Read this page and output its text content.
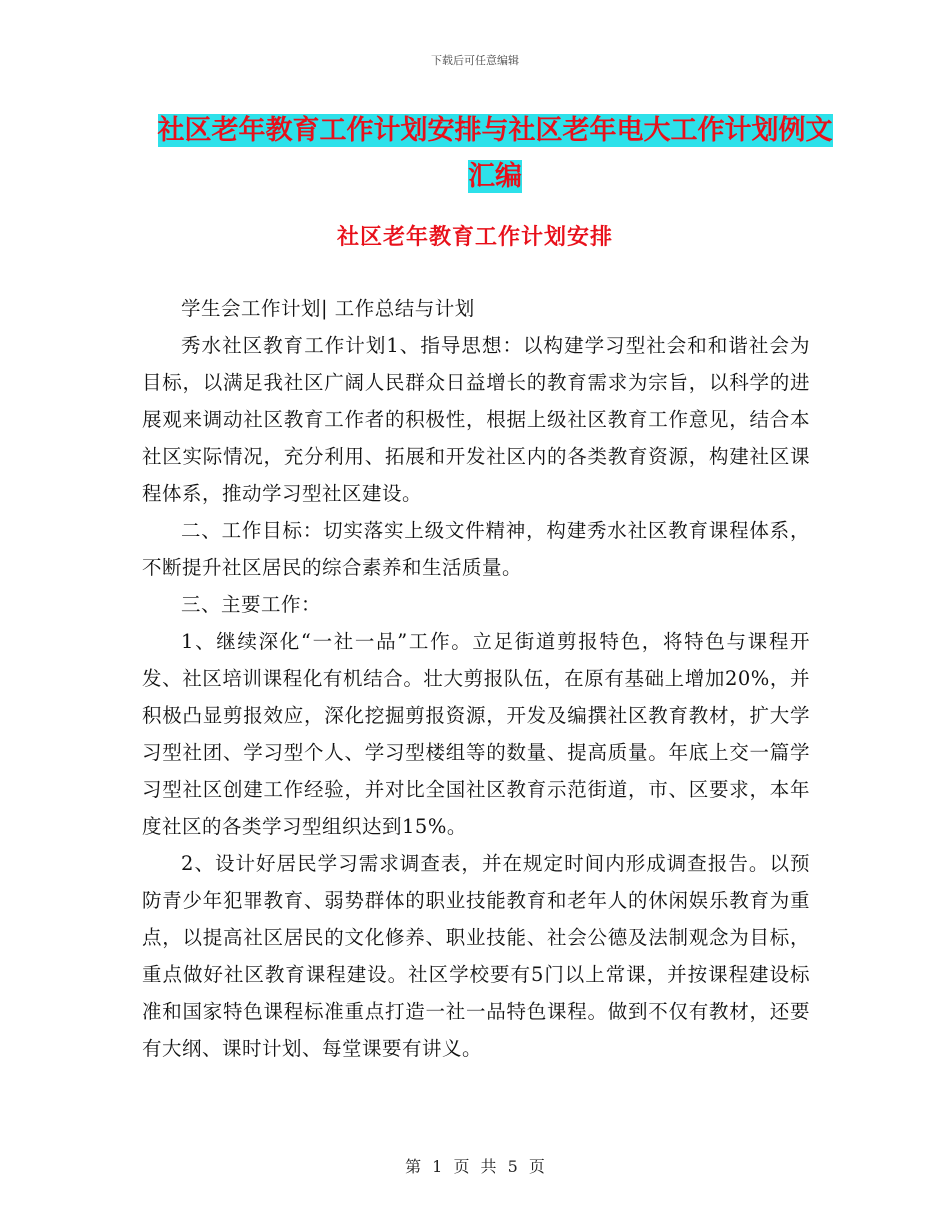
下载后可任意编辑
社区老年教育工作计划安排与社区老年电大工作计划例文汇编
社区老年教育工作计划安排

学生会工作计划| 工作总结与计划

秀水社区教育工作计划1、指导思想：以构建学习型社会和和谐社会为目标，以满足我社区广阔人民群众日益增长的教育需求为宗旨，以科学的进展观来调动社区教育工作者的积极性，根据上级社区教育工作意见，结合本社区实际情况，充分利用、拓展和开发社区内的各类教育资源，构建社区课程体系，推动学习型社区建设。

二、工作目标：切实落实上级文件精神，构建秀水社区教育课程体系，不断提升社区居民的综合素养和生活质量。

三、主要工作：

1、继续深化“一社一品”工作。立足街道剪报特色，将特色与课程开发、社区培训课程化有机结合。壮大剪报队伍，在原有基础上增加20%，并积极凸显剪报效应，深化挖掘剪报资源，开发及编撰社区教育教材，扩大学习型社团、学习型个人、学习型楼组等的数量、提高质量。年底上交一篇学习型社区创建工作经验，并对比全国社区教育示范街道，市、区要求，本年度社区的各类学习型组织达到15%。

2、设计好居民学习需求调查表，并在规定时间内形成调查报告。以预防青少年犯罪教育、弱势群体的职业技能教育和老年人的休闲娱乐教育为重点，以提高社区居民的文化修养、职业技能、社会公德及法制观念为目标，重点做好社区教育课程建设。社区学校要有5门以上常课，并按课程建设标准和国家特色课程标准重点打造一社一品特色课程。做到不仅有教材，还要有大纲、课时计划、每堂课要有讲义。

第 1 页 共 5 页
